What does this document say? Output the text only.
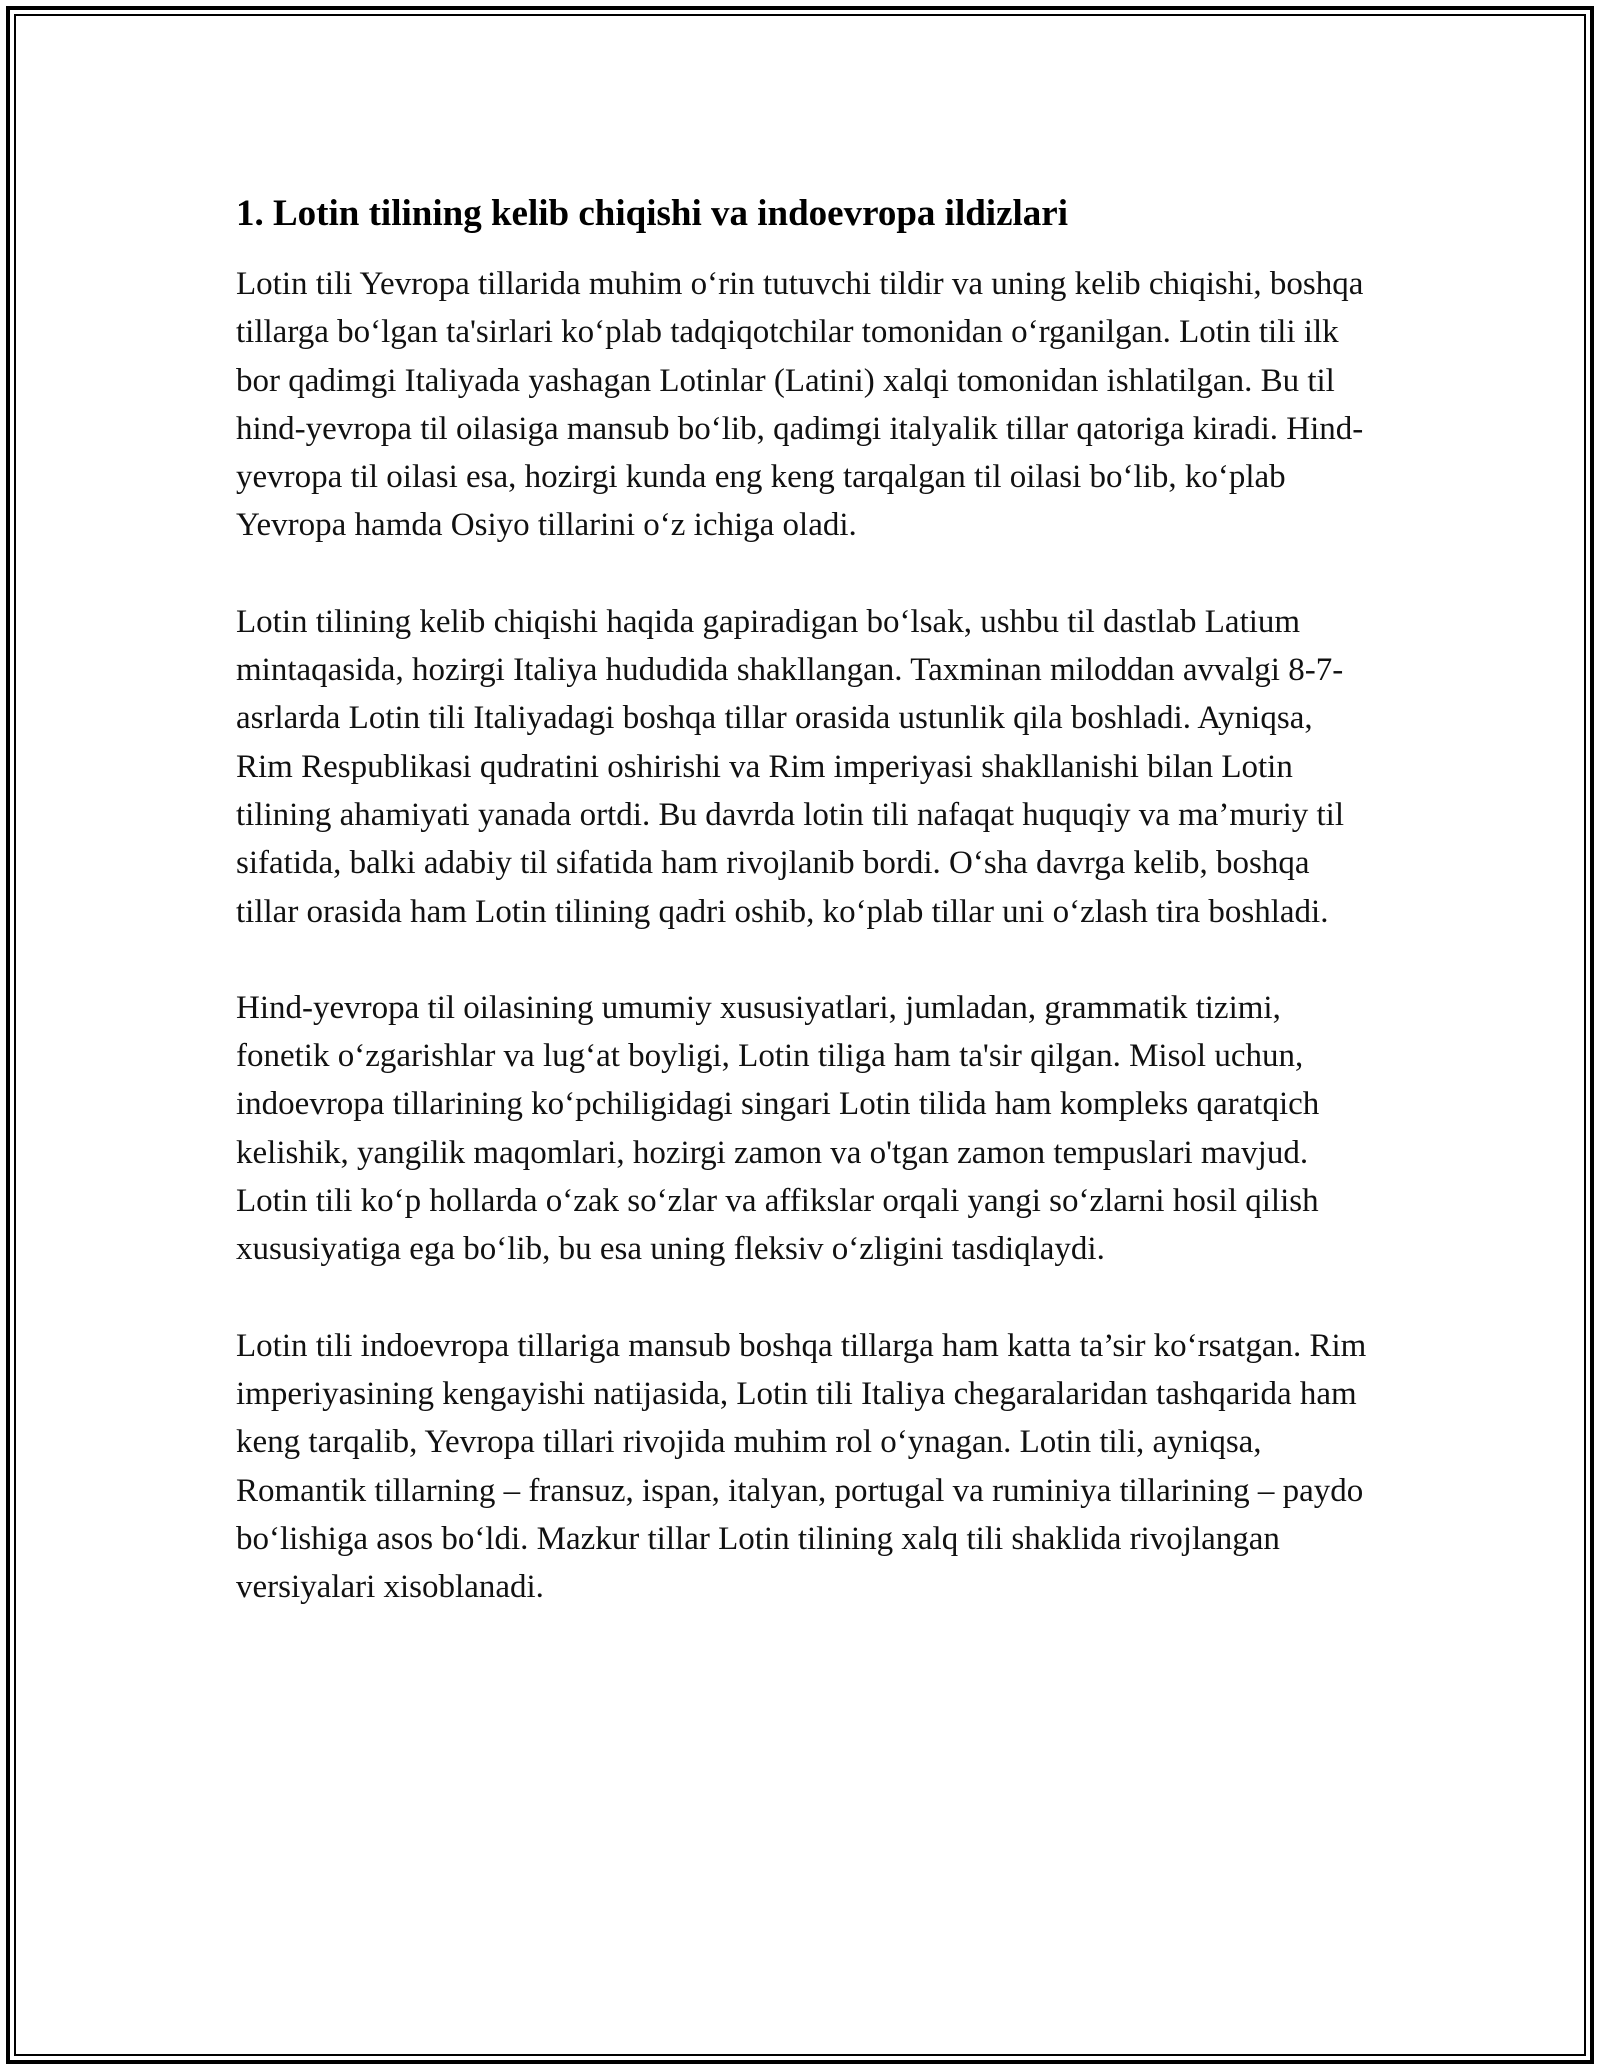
1. Lotin tilining kelib chiqishi va indoevropa ildizlari

Lotin tili Yevropa tillarida muhim o‘rin tutuvchi tildir va uning kelib chiqishi, boshqa tillarga bo‘lgan ta'sirlari ko‘plab tadqiqotchilar tomonidan o‘rganilgan. Lotin tili ilk bor qadimgi Italiyada yashagan Lotinlar (Latini) xalqi tomonidan ishlatilgan. Bu til hind-yevropa til oilasiga mansub bo‘lib, qadimgi italyalik tillar qatoriga kiradi. Hind-yevropa til oilasi esa, hozirgi kunda eng keng tarqalgan til oilasi bo‘lib, ko‘plab Yevropa hamda Osiyo tillarini o‘z ichiga oladi.

Lotin tilining kelib chiqishi haqida gapiradigan bo‘lsak, ushbu til dastlab Latium mintaqasida, hozirgi Italiya hududida shakllangan. Taxminan miloddan avvalgi 8-7-asrlarda Lotin tili Italiyadagi boshqa tillar orasida ustunlik qila boshladi. Ayniqsa, Rim Respublikasi qudratini oshirishi va Rim imperiyasi shakllanishi bilan Lotin tilining ahamiyati yanada ortdi. Bu davrda lotin tili nafaqat huquqiy va ma’muriy til sifatida, balki adabiy til sifatida ham rivojlanib bordi. O‘sha davrga kelib, boshqa tillar orasida ham Lotin tilining qadri oshib, ko‘plab tillar uni o‘zlash tira boshladi.

Hind-yevropa til oilasining umumiy xususiyatlari, jumladan, grammatik tizimi, fonetik o‘zgarishlar va lug‘at boyligi, Lotin tiliga ham ta'sir qilgan. Misol uchun, indoevropa tillarining ko‘pchiligidagi singari Lotin tilida ham kompleks qaratqich kelishik, yangilik maqomlari, hozirgi zamon va o'tgan zamon tempuslari mavjud. Lotin tili ko‘p hollarda o‘zak so‘zlar va affikslar orqali yangi so‘zlarni hosil qilish xususiyatiga ega bo‘lib, bu esa uning fleksiv o‘zligini tasdiqlaydi.

Lotin tili indoevropa tillariga mansub boshqa tillarga ham katta ta’sir ko‘rsatgan. Rim imperiyasining kengayishi natijasida, Lotin tili Italiya chegaralaridan tashqarida ham keng tarqalib, Yevropa tillari rivojida muhim rol o‘ynagan. Lotin tili, ayniqsa, Romantik tillarning – fransuz, ispan, italyan, portugal va ruminiya tillarining – paydo bo‘lishiga asos bo‘ldi. Mazkur tillar Lotin tilining xalq tili shaklida rivojlangan versiyalari xisoblanadi.
